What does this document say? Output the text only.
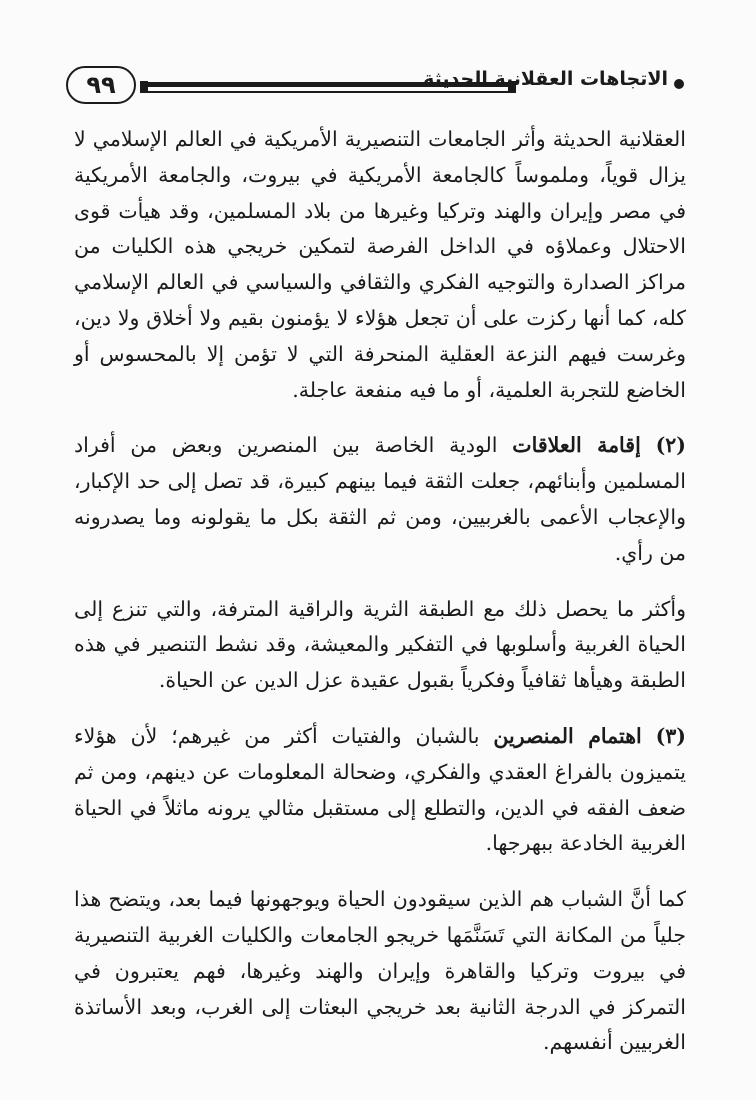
٩٩	الاتجاهات العقلانية الحديثة

العقلانية الحديثة وأثر الجامعات التنصيرية الأمريكية في العالم الإسلامي لا يزال قوياً، وملموساً كالجامعة الأمريكية في بيروت، والجامعة الأمريكية في مصر وإيران والهند وتركيا وغيرها من بلاد المسلمين، وقد هيأت قوى الاحتلال وعملاؤه في الداخل الفرصة لتمكين خريجي هذه الكليات من مراكز الصدارة والتوجيه الفكري والثقافي والسياسي في العالم الإسلامي كله، كما أنها ركزت على أن تجعل هؤلاء لا يؤمنون بقيم ولا أخلاق ولا دين، وغرست فيهم النزعة العقلية المنحرفة التي لا تؤمن إلا بالمحسوس أو الخاضع للتجربة العلمية، أو ما فيه منفعة عاجلة.

(٢) إقامة العلاقات الودية الخاصة بين المنصرين وبعض من أفراد المسلمين وأبنائهم، جعلت الثقة فيما بينهم كبيرة، قد تصل إلى حد الإكبار، والإعجاب الأعمى بالغربيين، ومن ثم الثقة بكل ما يقولونه وما يصدرونه من رأي.

وأكثر ما يحصل ذلك مع الطبقة الثرية والراقية المترفة، والتي تنزع إلى الحياة الغربية وأسلوبها في التفكير والمعيشة، وقد نشط التنصير في هذه الطبقة وهيأها ثقافياً وفكرياً بقبول عقيدة عزل الدين عن الحياة.

(٣) اهتمام المنصرين بالشبان والفتيات أكثر من غيرهم؛ لأن هؤلاء يتميزون بالفراغ العقدي والفكري، وضحالة المعلومات عن دينهم، ومن ثم ضعف الفقه في الدين، والتطلع إلى مستقبل مثالي يرونه ماثلاً في الحياة الغربية الخادعة ببهرجها.

كما أنَّ الشباب هم الذين سيقودون الحياة ويوجهونها فيما بعد، ويتضح هذا جلياً من المكانة التي تَسَنَّمَها خريجو الجامعات والكليات الغربية التنصيرية في بيروت وتركيا والقاهرة وإيران والهند وغيرها، فهم يعتبرون في التمركز في الدرجة الثانية بعد خريجي البعثات إلى الغرب، وبعد الأساتذة الغربيين أنفسهم.
